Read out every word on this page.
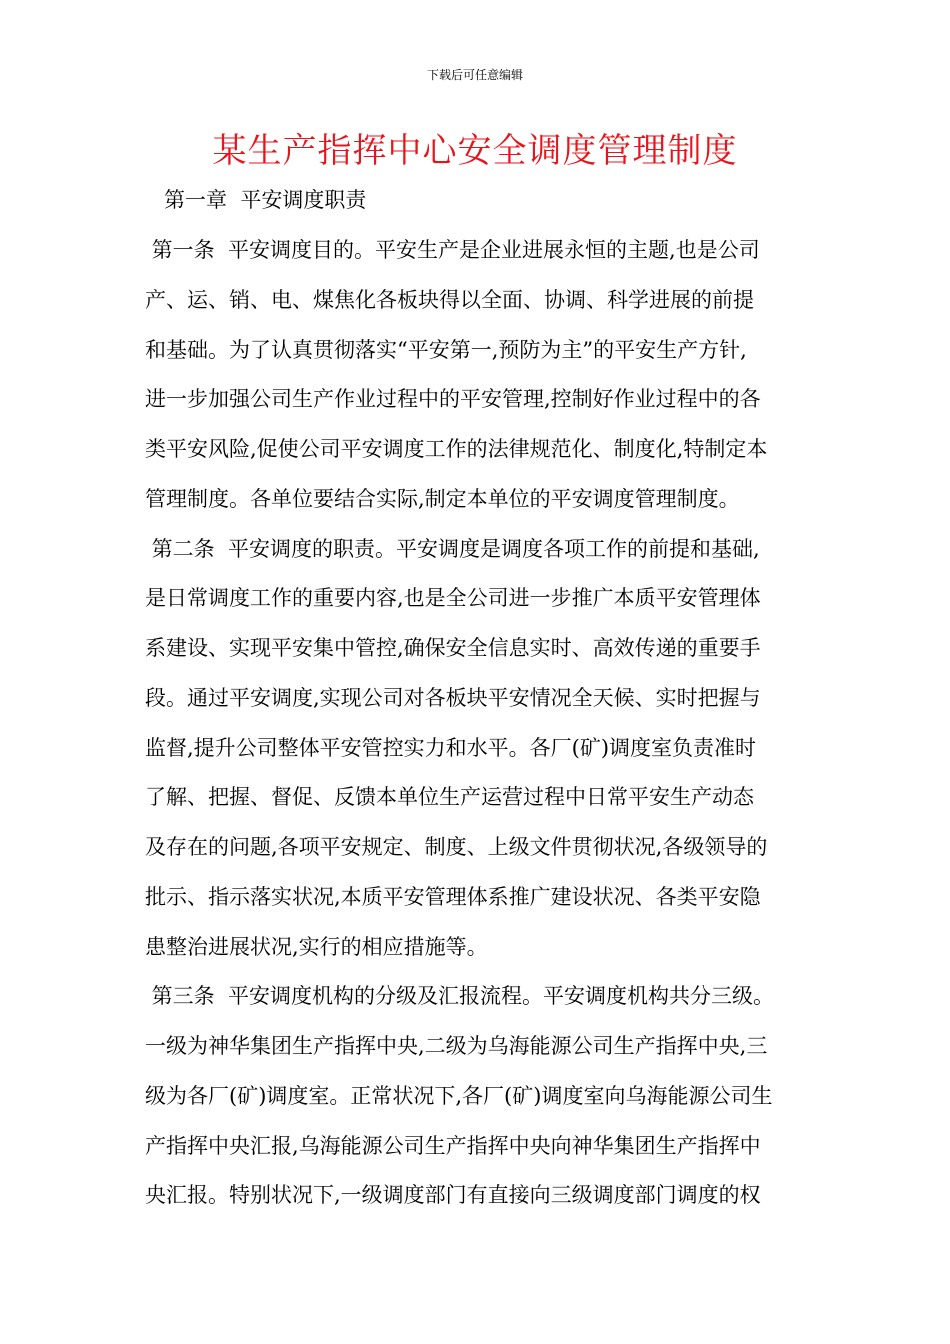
下载后可任意编辑
某生产指挥中心安全调度管理制度
第一章  平安调度职责
第一条  平安调度目的。平安生产是企业进展永恒的主题,也是公司
产、运、销、电、煤焦化各板块得以全面、协调、科学进展的前提
和基础。为了认真贯彻落实“平安第一,预防为主”的平安生产方针,
进一步加强公司生产作业过程中的平安管理,控制好作业过程中的各
类平安风险,促使公司平安调度工作的法律规范化、制度化,特制定本
管理制度。各单位要结合实际,制定本单位的平安调度管理制度。
第二条  平安调度的职责。平安调度是调度各项工作的前提和基础,
是日常调度工作的重要内容,也是全公司进一步推广本质平安管理体
系建设、实现平安集中管控,确保安全信息实时、高效传递的重要手
段。通过平安调度,实现公司对各板块平安情况全天候、实时把握与
监督,提升公司整体平安管控实力和水平。各厂(矿)调度室负责准时
了解、把握、督促、反馈本单位生产运营过程中日常平安生产动态
及存在的问题,各项平安规定、制度、上级文件贯彻状况,各级领导的
批示、指示落实状况,本质平安管理体系推广建设状况、各类平安隐
患整治进展状况,实行的相应措施等。
第三条  平安调度机构的分级及汇报流程。平安调度机构共分三级。
一级为神华集团生产指挥中央,二级为乌海能源公司生产指挥中央,三
级为各厂(矿)调度室。正常状况下,各厂(矿)调度室向乌海能源公司生
产指挥中央汇报,乌海能源公司生产指挥中央向神华集团生产指挥中
央汇报。特别状况下,一级调度部门有直接向三级调度部门调度的权
